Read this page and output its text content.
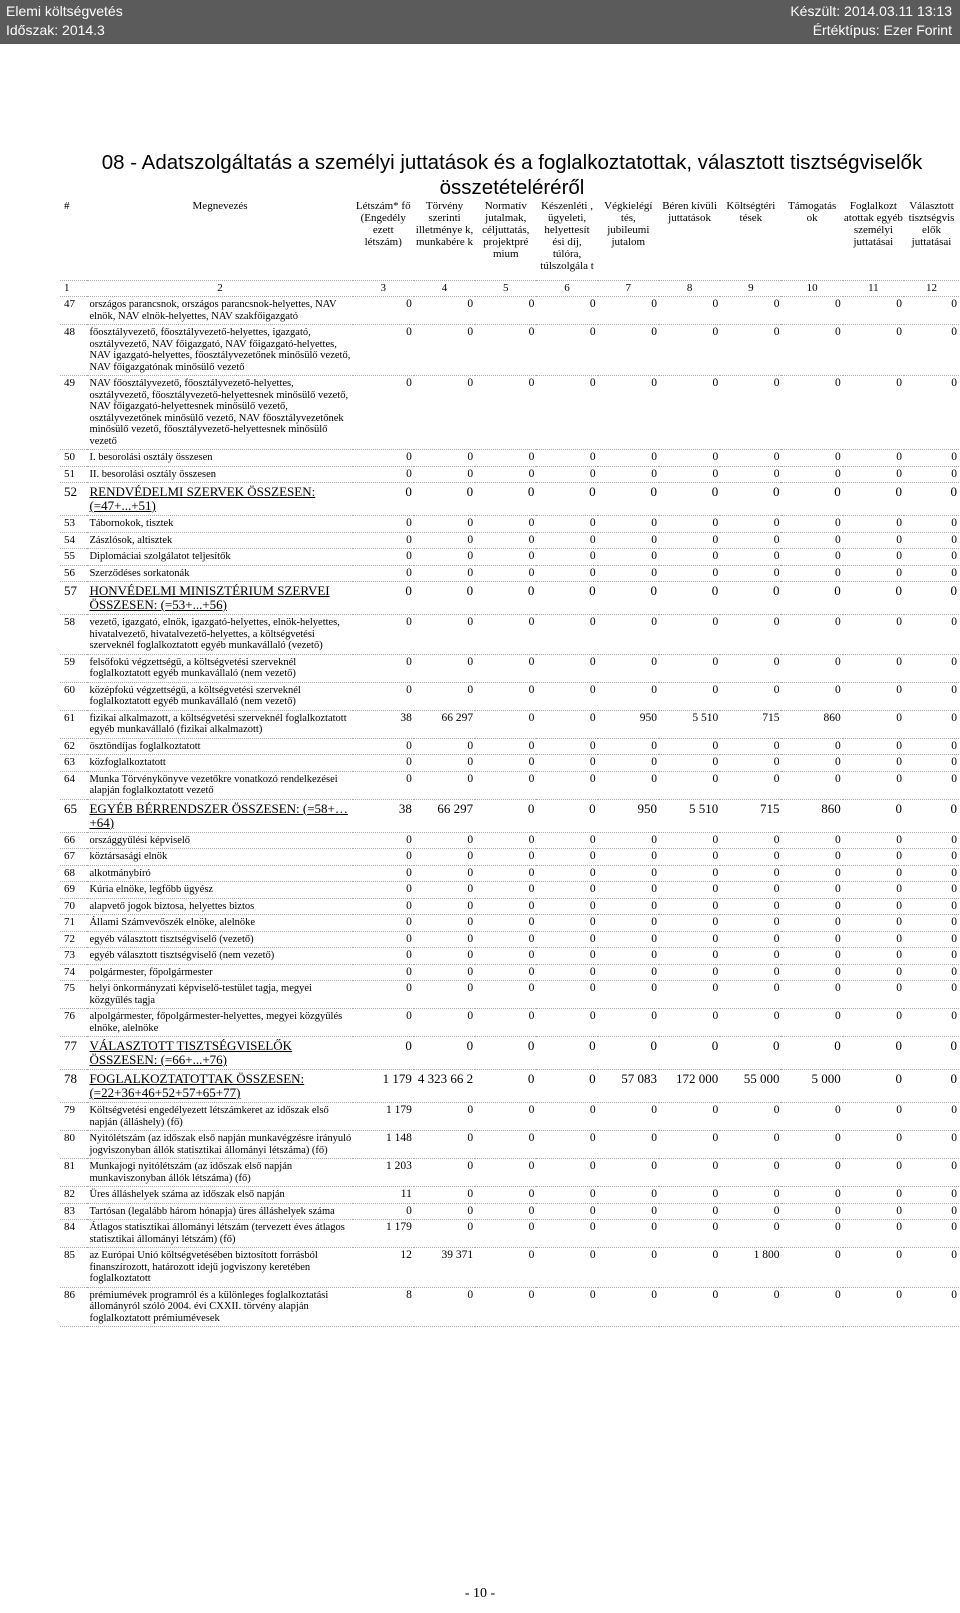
Elemi költségvetés
Időszak: 2014.3
Készült: 2014.03.11 13:13
Értéktípus: Ezer Forint
08 - Adatszolgáltatás a személyi juttatások és a foglalkoztatottak, választott tisztségviselők összetételéréről
#	Megnevezés	Létszám* fő (Engedély ezett létszám)	Törvény szerinti illetménye k, munkabére k	Normatív jutalmak, céljuttatás, projektpré mium	Készenléti , ügyeleti, helyettesít ési díj, túlóra, túlszolgála t	Végkielégí tés, jubileumi jutalom	Béren kívüli juttatások	Költségtéri tések	Támogatás ok	Foglalkozt atottak egyéb személyi juttatásai	Választott tisztségvis elők juttatásai
1	2	3	4	5	6	7	8	9	10	11	12
47	országos parancsnok, országos parancsnok-helyettes, NAV elnök, NAV elnök-helyettes, NAV szakfőigazgató	0	0	0	0	0	0	0	0	0	0
48	főosztályvezető, főosztályvezető-helyettes, igazgató, osztályvezető, NAV főigazgató, NAV főigazgató-helyettes, NAV igazgató-helyettes, főosztályvezetőnek minősülő vezető, NAV főigazgatónak minősülő vezető	0	0	0	0	0	0	0	0	0	0
49	NAV főosztályvezető, főosztályvezető-helyettes, osztályvezető, főosztályvezető-helyettesnek minősülő vezető, NAV főigazgató-helyettesnek minősülő vezető, osztályvezetőnek minősülő vezető, NAV főosztályvezetőnek minősülő vezető, főosztályvezető-helyettesnek minősülő vezető	0	0	0	0	0	0	0	0	0	0
50	I. besorolási osztály összesen	0	0	0	0	0	0	0	0	0	0
51	II. besorolási osztály összesen	0	0	0	0	0	0	0	0	0	0
52	RENDVÉDELMI SZERVEK ÖSSZESEN: (=47+...+51)	0	0	0	0	0	0	0	0	0	0
53	Tábornokok, tisztek	0	0	0	0	0	0	0	0	0	0
54	Zászlósok, altisztek	0	0	0	0	0	0	0	0	0	0
55	Diplomáciai szolgálatot teljesítők	0	0	0	0	0	0	0	0	0	0
56	Szerződéses sorkatonák	0	0	0	0	0	0	0	0	0	0
57	HONVÉDELMI MINISZTÉRIUM SZERVEI ÖSSZESEN: (=53+...+56)	0	0	0	0	0	0	0	0	0	0
58	vezető, igazgató, elnök, igazgató-helyettes, elnök-helyettes, hivatalvezető, hivatalvezető-helyettes, a költségvetési szerveknél foglalkoztatott egyéb munkavállaló (vezető)	0	0	0	0	0	0	0	0	0	0
59	felsőfokú végzettségű, a költségvetési szerveknél foglalkoztatott egyéb munkavállaló (nem vezető)	0	0	0	0	0	0	0	0	0	0
60	középfokú végzettségű, a költségvetési szerveknél foglalkoztatott egyéb munkavállaló (nem vezető)	0	0	0	0	0	0	0	0	0	0
61	fizikai alkalmazott, a költségvetési szerveknél foglalkoztatott egyéb munkavállaló (fizikai alkalmazott)	38	66 297	0	0	950	5 510	715	860	0	0
62	ösztöndíjas foglalkoztatott	0	0	0	0	0	0	0	0	0	0
63	közfoglalkoztatott	0	0	0	0	0	0	0	0	0	0
64	Munka Törvénykönyve vezetőkre vonatkozó rendelkezései alapján foglalkoztatott vezető	0	0	0	0	0	0	0	0	0	0
65	EGYÉB BÉRRENDSZER ÖSSZESEN: (=58+…+64)	38	66 297	0	0	950	5 510	715	860	0	0
66	országgyűlési képviselő	0	0	0	0	0	0	0	0	0	0
67	köztársasági elnök	0	0	0	0	0	0	0	0	0	0
68	alkotmánybíró	0	0	0	0	0	0	0	0	0	0
69	Kúria elnöke, legfőbb ügyész	0	0	0	0	0	0	0	0	0	0
70	alapvető jogok biztosa, helyettes biztos	0	0	0	0	0	0	0	0	0	0
71	Állami Számvevőszék elnöke, alelnöke	0	0	0	0	0	0	0	0	0	0
72	egyéb választott tisztségviselő (vezető)	0	0	0	0	0	0	0	0	0	0
73	egyéb választott tisztségviselő (nem vezető)	0	0	0	0	0	0	0	0	0	0
74	polgármester, főpolgármester	0	0	0	0	0	0	0	0	0	0
75	helyi önkormányzati képviselő-testület tagja, megyei közgyűlés tagja	0	0	0	0	0	0	0	0	0	0
76	alpolgármester, főpolgármester-helyettes, megyei közgyűlés elnöke, alelnöke	0	0	0	0	0	0	0	0	0	0
77	VÁLASZTOTT TISZTSÉGVISELŐK ÖSSZESEN: (=66+...+76)	0	0	0	0	0	0	0	0	0	0
78	FOGLALKOZTATOTTAK ÖSSZESEN: (=22+36+46+52+57+65+77)	1 179	4 323 66 2	0	0	57 083	172 000	55 000	5 000	0	0
79	Költségvetési engedélyezett létszámkeret az időszak első napján (álláshely) (fő)	1 179	0	0	0	0	0	0	0	0	0
80	Nyitólétszám (az időszak első napján munkavégzésre irányuló jogviszonyban állók statisztikai állományi létszáma) (fő)	1 148	0	0	0	0	0	0	0	0	0
81	Munkajogi nyitólétszám (az időszak első napján munkaviszonyban állók létszáma) (fő)	1 203	0	0	0	0	0	0	0	0	0
82	Üres álláshelyek száma az időszak első napján	11	0	0	0	0	0	0	0	0	0
83	Tartósan (legalább három hónapja) üres álláshelyek száma	0	0	0	0	0	0	0	0	0	0
84	Átlagos statisztikai állományi létszám (tervezett éves átlagos statisztikai állományi létszám) (fő)	1 179	0	0	0	0	0	0	0	0	0
85	az Európai Unió költségvetésében biztosított forrásból finanszírozott, határozott idejű jogviszony keretében foglalkoztatott	12	39 371	0	0	0	0	1 800	0	0	0
86	prémiumévek programról és a különleges foglalkoztatási állományról szóló 2004. évi CXXII. törvény alapján foglalkoztatott prémiumévesek	8	0	0	0	0	0	0	0	0	0
- 10 -
